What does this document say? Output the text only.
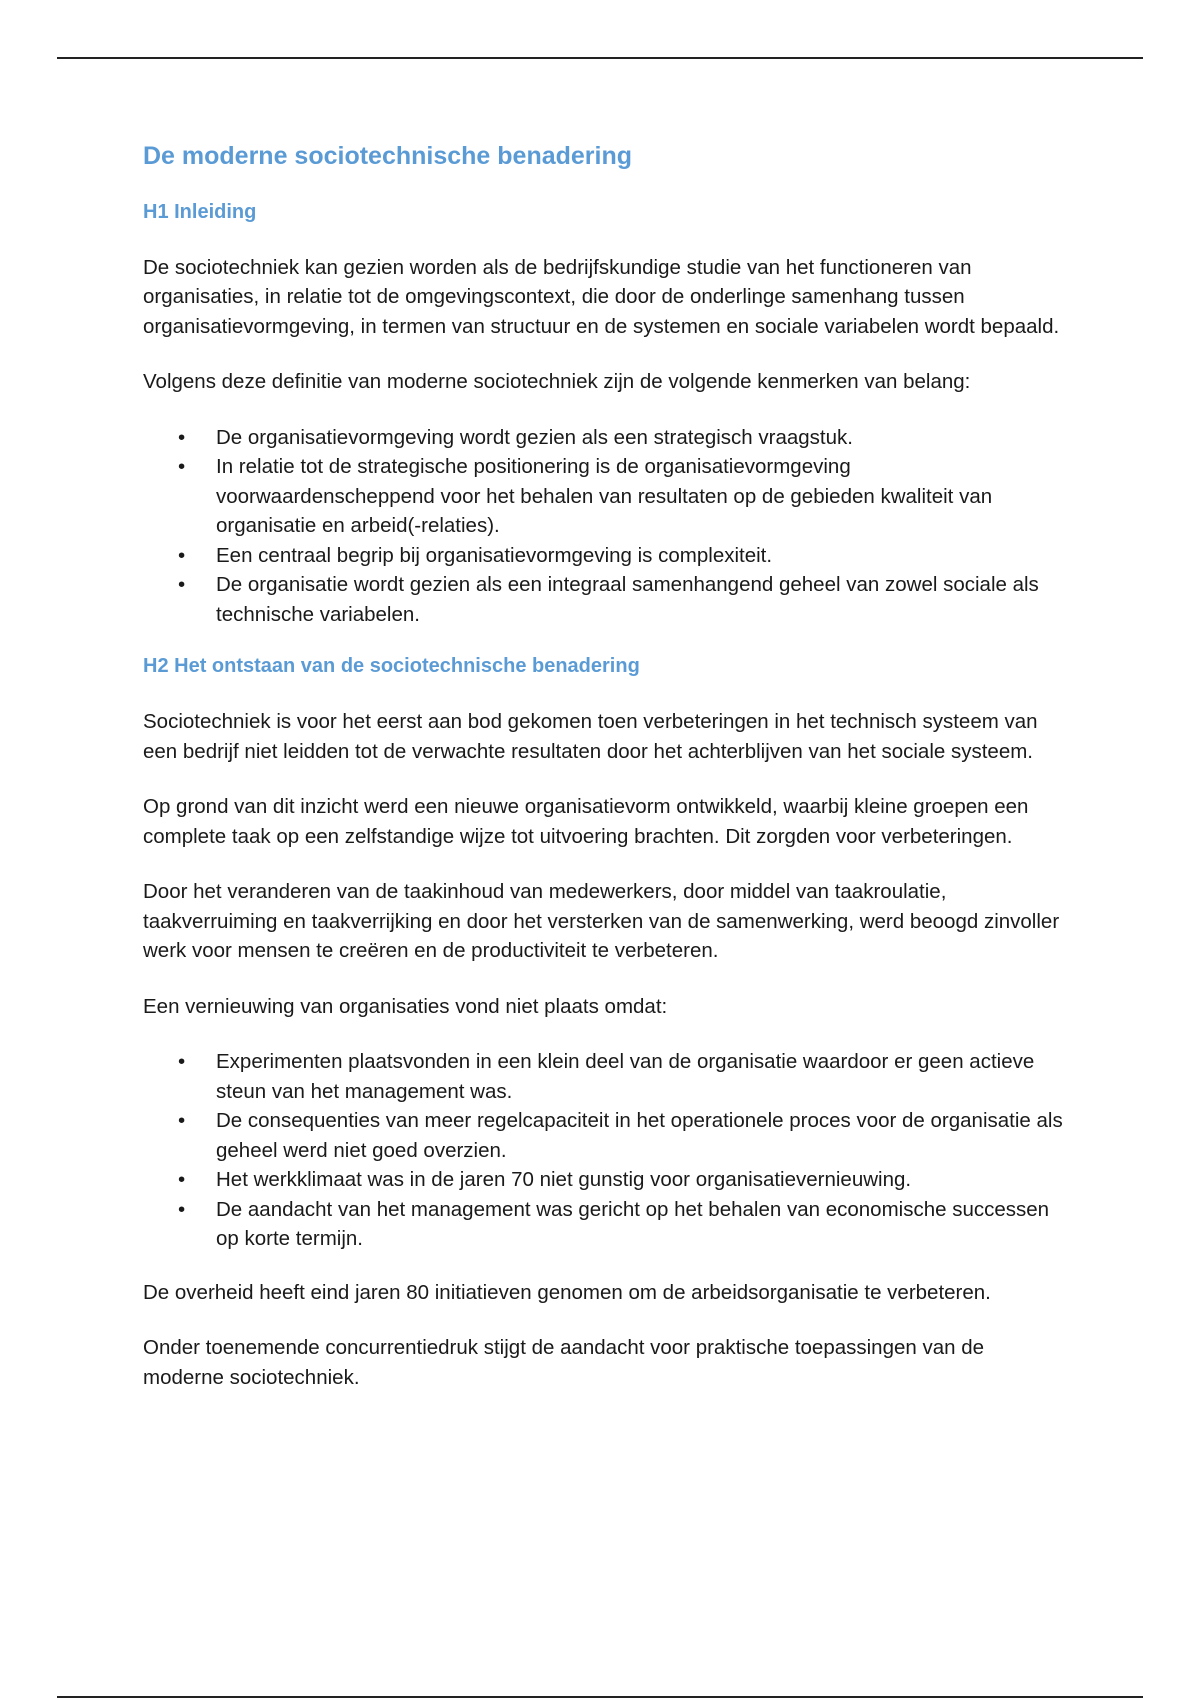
De moderne sociotechnische benadering
H1 Inleiding

De sociotechniek kan gezien worden als de bedrijfskundige studie van het functioneren van organisaties, in relatie tot de omgevingscontext, die door de onderlinge samenhang tussen organisatievormgeving, in termen van structuur en de systemen en sociale variabelen wordt bepaald.

Volgens deze definitie van moderne sociotechniek zijn de volgende kenmerken van belang:

• De organisatievormgeving wordt gezien als een strategisch vraagstuk.
• In relatie tot de strategische positionering is de organisatievormgeving voorwaardenscheppend voor het behalen van resultaten op de gebieden kwaliteit van organisatie en arbeid(-relaties).
• Een centraal begrip bij organisatievormgeving is complexiteit.
• De organisatie wordt gezien als een integraal samenhangend geheel van zowel sociale als technische variabelen.
H2 Het ontstaan van de sociotechnische benadering

Sociotechniek is voor het eerst aan bod gekomen toen verbeteringen in het technisch systeem van een bedrijf niet leidden tot de verwachte resultaten door het achterblijven van het sociale systeem.

Op grond van dit inzicht werd een nieuwe organisatievorm ontwikkeld, waarbij kleine groepen een complete taak op een zelfstandige wijze tot uitvoering brachten. Dit zorgden voor verbeteringen.

Door het veranderen van de taakinhoud van medewerkers, door middel van taakroulatie, taakverruiming en taakverrijking en door het versterken van de samenwerking, werd beoogd zinvoller werk voor mensen te creëren en de productiviteit te verbeteren.

Een vernieuwing van organisaties vond niet plaats omdat:

• Experimenten plaatsvonden in een klein deel van de organisatie waardoor er geen actieve steun van het management was.
• De consequenties van meer regelcapaciteit in het operationele proces voor de organisatie als geheel werd niet goed overzien.
• Het werkklimaat was in de jaren 70 niet gunstig voor organisatievernieuwing.
• De aandacht van het management was gericht op het behalen van economische successen op korte termijn.

De overheid heeft eind jaren 80 initiatieven genomen om de arbeidsorganisatie te verbeteren.

Onder toenemende concurrentiedruk stijgt de aandacht voor praktische toepassingen van de moderne sociotechniek.
